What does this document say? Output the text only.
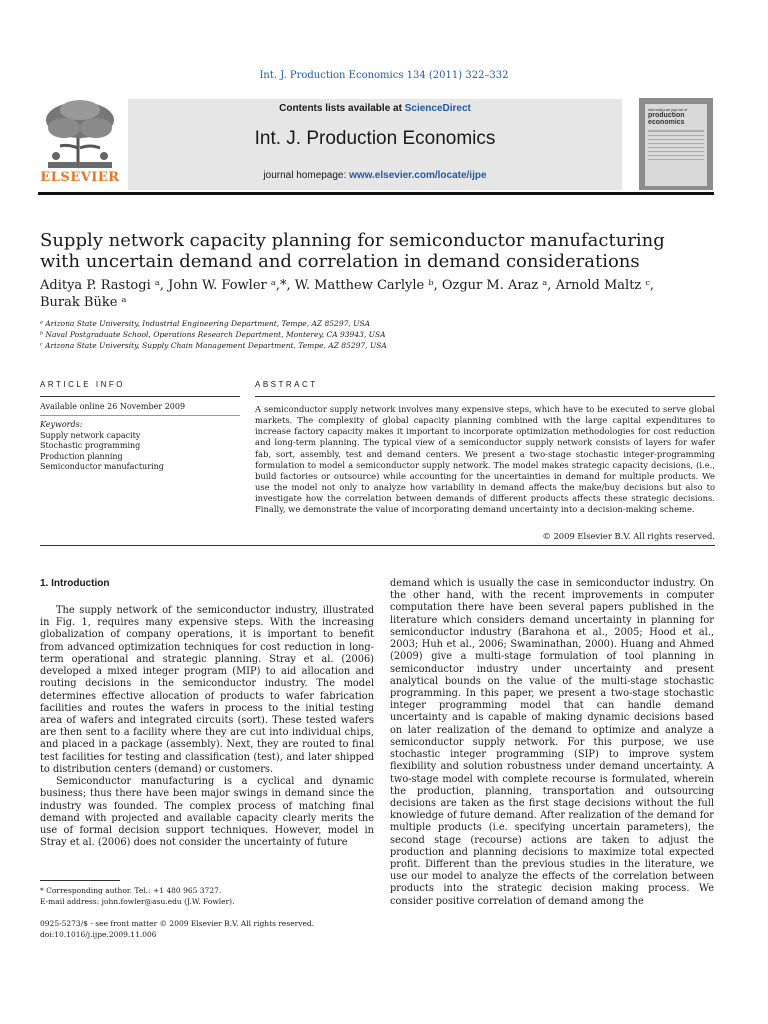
Int. J. Production Economics 134 (2011) 322–332
ELSEVIER
Contents lists available at ScienceDirect
Int. J. Production Economics
journal homepage: www.elsevier.com/locate/ijpe
international journal of
production economics
Supply network capacity planning for semiconductor manufacturing with uncertain demand and correlation in demand considerations
Aditya P. Rastogi ᵃ, John W. Fowler ᵃ,*, W. Matthew Carlyle ᵇ, Ozgur M. Araz ᵃ, Arnold Maltz ᶜ,
Burak Büke ᵃ
ᵃ Arizona State University, Industrial Engineering Department, Tempe, AZ 85297, USA
ᵇ Naval Postgraduate School, Operations Research Department, Monterey, CA 93943, USA
ᶜ Arizona State University, Supply Chain Management Department, Tempe, AZ 85297, USA
ARTICLE INFO	ABSTRACT
Available online 26 November 2009
Keywords:
Supply network capacity
Stochastic programming
Production planning
Semiconductor manufacturing

A semiconductor supply network involves many expensive steps, which have to be executed to serve global markets. The complexity of global capacity planning combined with the large capital expenditures to increase factory capacity makes it important to incorporate optimization methodologies for cost reduction and long-term planning. The typical view of a semiconductor supply network consists of layers for wafer fab, sort, assembly, test and demand centers. We present a two-stage stochastic integer-programming formulation to model a semiconductor supply network. The model makes strategic capacity decisions, (i.e., build factories or outsource) while accounting for the uncertainties in demand for multiple products. We use the model not only to analyze how variability in demand affects the make/buy decisions but also to investigate how the correlation between demands of different products affects these strategic decisions. Finally, we demonstrate the value of incorporating demand uncertainty into a decision-making scheme.

© 2009 Elsevier B.V. All rights reserved.
1. Introduction

The supply network of the semiconductor industry, illustrated in Fig. 1, requires many expensive steps. With the increasing globalization of company operations, it is important to benefit from advanced optimization techniques for cost reduction in long-term operational and strategic planning. Stray et al. (2006) developed a mixed integer program (MIP) to aid allocation and routing decisions in the semiconductor industry. The model determines effective allocation of products to wafer fabrication facilities and routes the wafers in process to the initial testing area of wafers and integrated circuits (sort). These tested wafers are then sent to a facility where they are cut into individual chips, and placed in a package (assembly). Next, they are routed to final test facilities for testing and classification (test), and later shipped to distribution centers (demand) or customers.

Semiconductor manufacturing is a cyclical and dynamic business; thus there have been major swings in demand since the industry was founded. The complex process of matching final demand with projected and available capacity clearly merits the use of formal decision support techniques. However, model in Stray et al. (2006) does not consider the uncertainty of future

demand which is usually the case in semiconductor industry. On the other hand, with the recent improvements in computer computation there have been several papers published in the literature which considers demand uncertainty in planning for semiconductor industry (Barahona et al., 2005; Hood et al., 2003; Huh et al., 2006; Swaminathan, 2000). Huang and Ahmed (2009) give a multi-stage formulation of tool planning in semiconductor industry under uncertainty and present analytical bounds on the value of the multi-stage stochastic programming. In this paper, we present a two-stage stochastic integer programming model that can handle demand uncertainty and is capable of making dynamic decisions based on later realization of the demand to optimize and analyze a semiconductor supply network. For this purpose, we use stochastic integer programming (SIP) to improve system flexibility and solution robustness under demand uncertainty. A two-stage model with complete recourse is formulated, wherein the production, planning, transportation and outsourcing decisions are taken as the first stage decisions without the full knowledge of future demand. After realization of the demand for multiple products (i.e. specifying uncertain parameters), the second stage (recourse) actions are taken to adjust the production and planning decisions to maximize total expected profit. Different than the previous studies in the literature, we use our model to analyze the effects of the correlation between products into the strategic decision making process. We consider positive correlation of demand among the

* Corresponding author. Tel.: +1 480 965 3727.
E-mail address: john.fowler@asu.edu (J.W. Fowler).
0925-5273/$ - see front matter © 2009 Elsevier B.V. All rights reserved.
doi:10.1016/j.ijpe.2009.11.006
